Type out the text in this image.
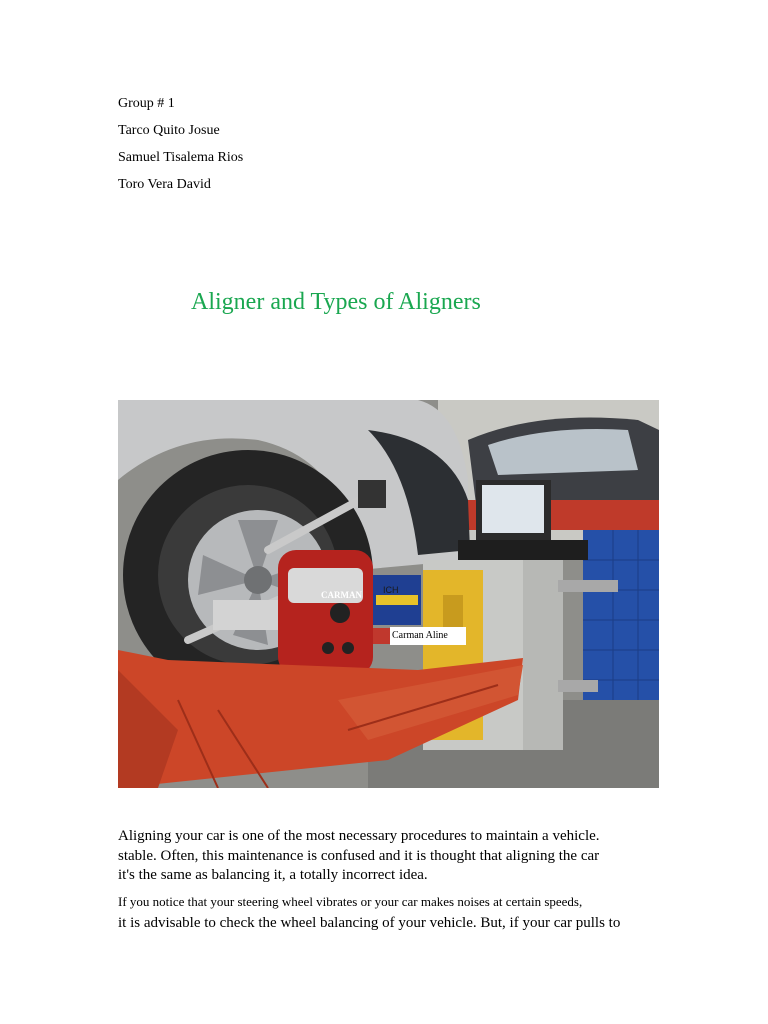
Group # 1
Tarco Quito Josue
Samuel Tisalema Rios
Toro Vera David
Aligner and Types of Aligners
CARMAN ICH
Carman Aline
Aligning your car is one of the most necessary procedures to maintain a vehicle.
stable. Often, this maintenance is confused and it is thought that aligning the car
it's the same as balancing it, a totally incorrect idea.
If you notice that your steering wheel vibrates or your car makes noises at certain speeds,
it is advisable to check the wheel balancing of your vehicle. But, if your car pulls to
